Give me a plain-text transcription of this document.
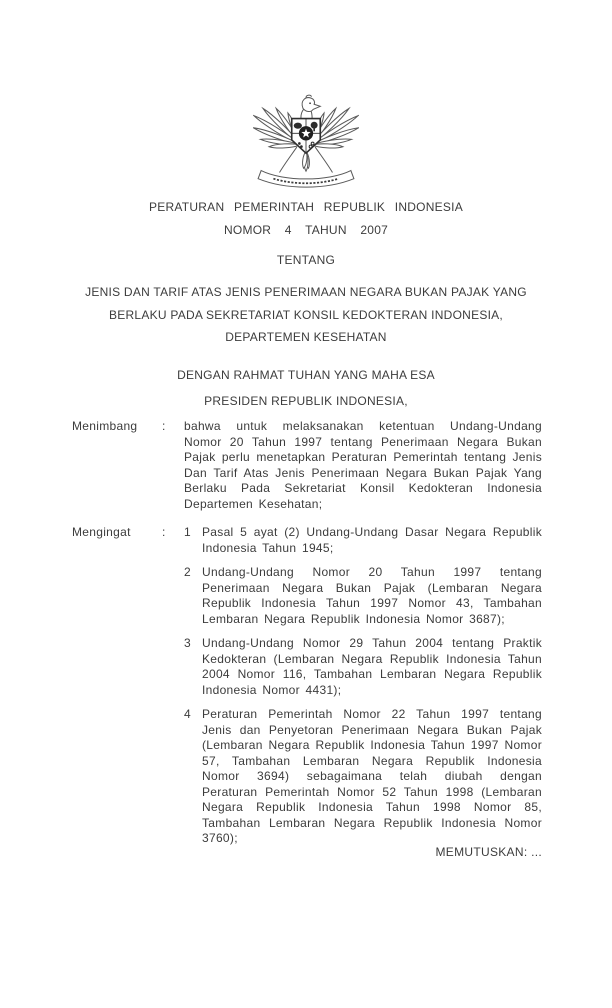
PERATURAN PEMERINTAH REPUBLIK INDONESIA
NOMOR 4 TAHUN 2007
TENTANG
JENIS DAN TARIF ATAS JENIS PENERIMAAN NEGARA BUKAN PAJAK YANG
BERLAKU PADA SEKRETARIAT KONSIL KEDOKTERAN INDONESIA,
DEPARTEMEN KESEHATAN
DENGAN RAHMAT TUHAN YANG MAHA ESA
PRESIDEN REPUBLIK INDONESIA,
Menimbang	:	bahwa untuk melaksanakan ketentuan Undang-Undang Nomor 20 Tahun 1997 tentang Penerimaan Negara Bukan Pajak perlu menetapkan Peraturan Pemerintah tentang Jenis Dan Tarif Atas Jenis Penerimaan Negara Bukan Pajak Yang Berlaku Pada Sekretariat Konsil Kedokteran Indonesia Departemen Kesehatan;
Mengingat	:	1 Pasal 5 ayat (2) Undang-Undang Dasar Negara Republik Indonesia Tahun 1945;
2 Undang-Undang Nomor 20 Tahun 1997 tentang Penerimaan Negara Bukan Pajak (Lembaran Negara Republik Indonesia Tahun 1997 Nomor 43, Tambahan Lembaran Negara Republik Indonesia Nomor 3687);
3 Undang-Undang Nomor 29 Tahun 2004 tentang Praktik Kedokteran (Lembaran Negara Republik Indonesia Tahun 2004 Nomor 116, Tambahan Lembaran Negara Republik Indonesia Nomor 4431);
4 Peraturan Pemerintah Nomor 22 Tahun 1997 tentang Jenis dan Penyetoran Penerimaan Negara Bukan Pajak (Lembaran Negara Republik Indonesia Tahun 1997 Nomor 57, Tambahan Lembaran Negara Republik Indonesia Nomor 3694) sebagaimana telah diubah dengan Peraturan Pemerintah Nomor 52 Tahun 1998 (Lembaran Negara Republik Indonesia Tahun 1998 Nomor 85, Tambahan Lembaran Negara Republik Indonesia Nomor 3760);
MEMUTUSKAN: ...
